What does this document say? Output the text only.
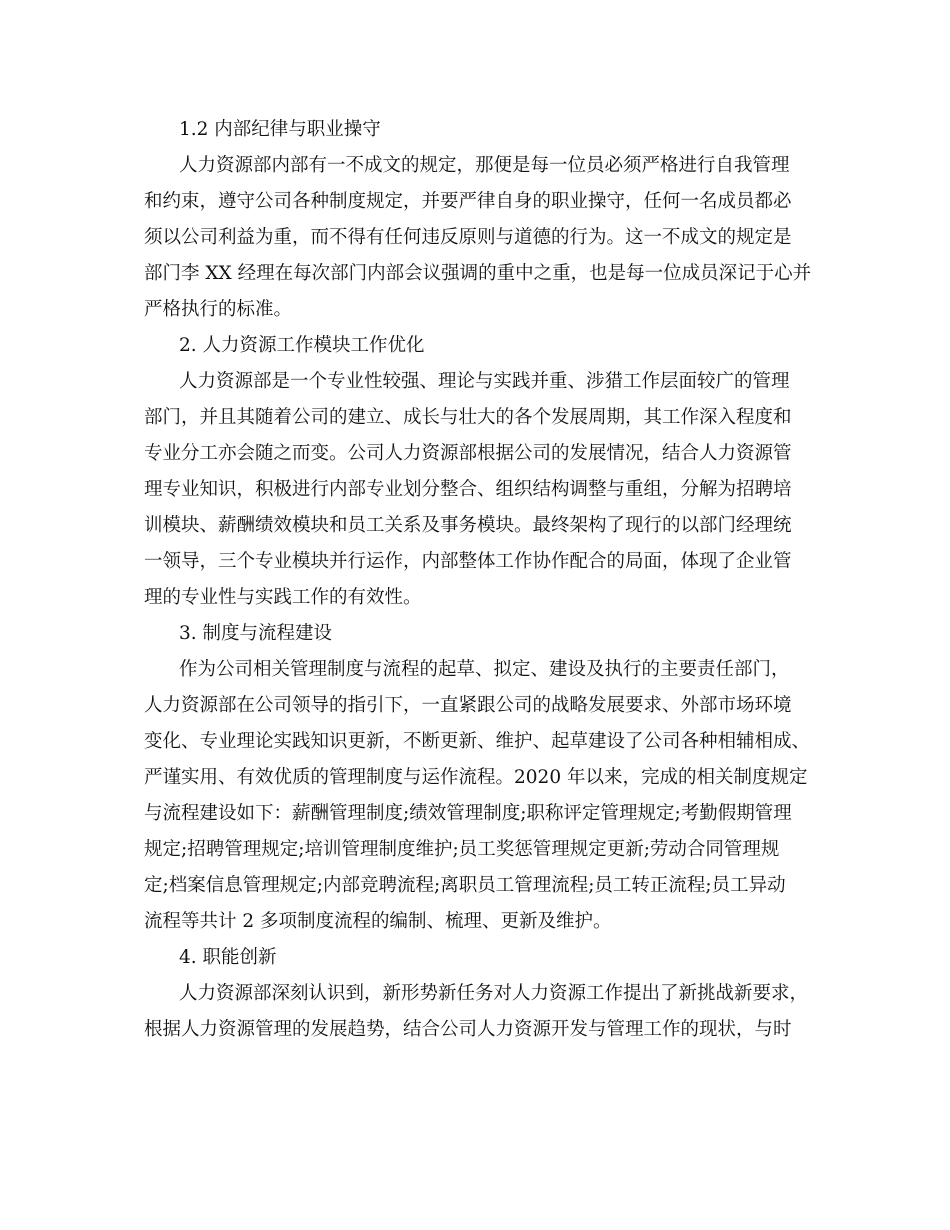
1.2 内部纪律与职业操守
人力资源部内部有一不成文的规定，那便是每一位员必须严格进行自我管理
和约束，遵守公司各种制度规定，并要严律自身的职业操守，任何一名成员都必
须以公司利益为重，而不得有任何违反原则与道德的行为。这一不成文的规定是
部门李 XX 经理在每次部门内部会议强调的重中之重，也是每一位成员深记于心并
严格执行的标准。
2. 人力资源工作模块工作优化
人力资源部是一个专业性较强、理论与实践并重、涉猎工作层面较广的管理
部门，并且其随着公司的建立、成长与壮大的各个发展周期，其工作深入程度和
专业分工亦会随之而变。公司人力资源部根据公司的发展情况，结合人力资源管
理专业知识，积极进行内部专业划分整合、组织结构调整与重组，分解为招聘培
训模块、薪酬绩效模块和员工关系及事务模块。最终架构了现行的以部门经理统
一领导，三个专业模块并行运作，内部整体工作协作配合的局面，体现了企业管
理的专业性与实践工作的有效性。
3. 制度与流程建设
作为公司相关管理制度与流程的起草、拟定、建设及执行的主要责任部门，
人力资源部在公司领导的指引下，一直紧跟公司的战略发展要求、外部市场环境
变化、专业理论实践知识更新，不断更新、维护、起草建设了公司各种相辅相成、
严谨实用、有效优质的管理制度与运作流程。2020 年以来，完成的相关制度规定
与流程建设如下：薪酬管理制度;绩效管理制度;职称评定管理规定;考勤假期管理
规定;招聘管理规定;培训管理制度维护;员工奖惩管理规定更新;劳动合同管理规
定;档案信息管理规定;内部竞聘流程;离职员工管理流程;员工转正流程;员工异动
流程等共计 2 多项制度流程的编制、梳理、更新及维护。
4. 职能创新
人力资源部深刻认识到，新形势新任务对人力资源工作提出了新挑战新要求，
根据人力资源管理的发展趋势，结合公司人力资源开发与管理工作的现状，与时
